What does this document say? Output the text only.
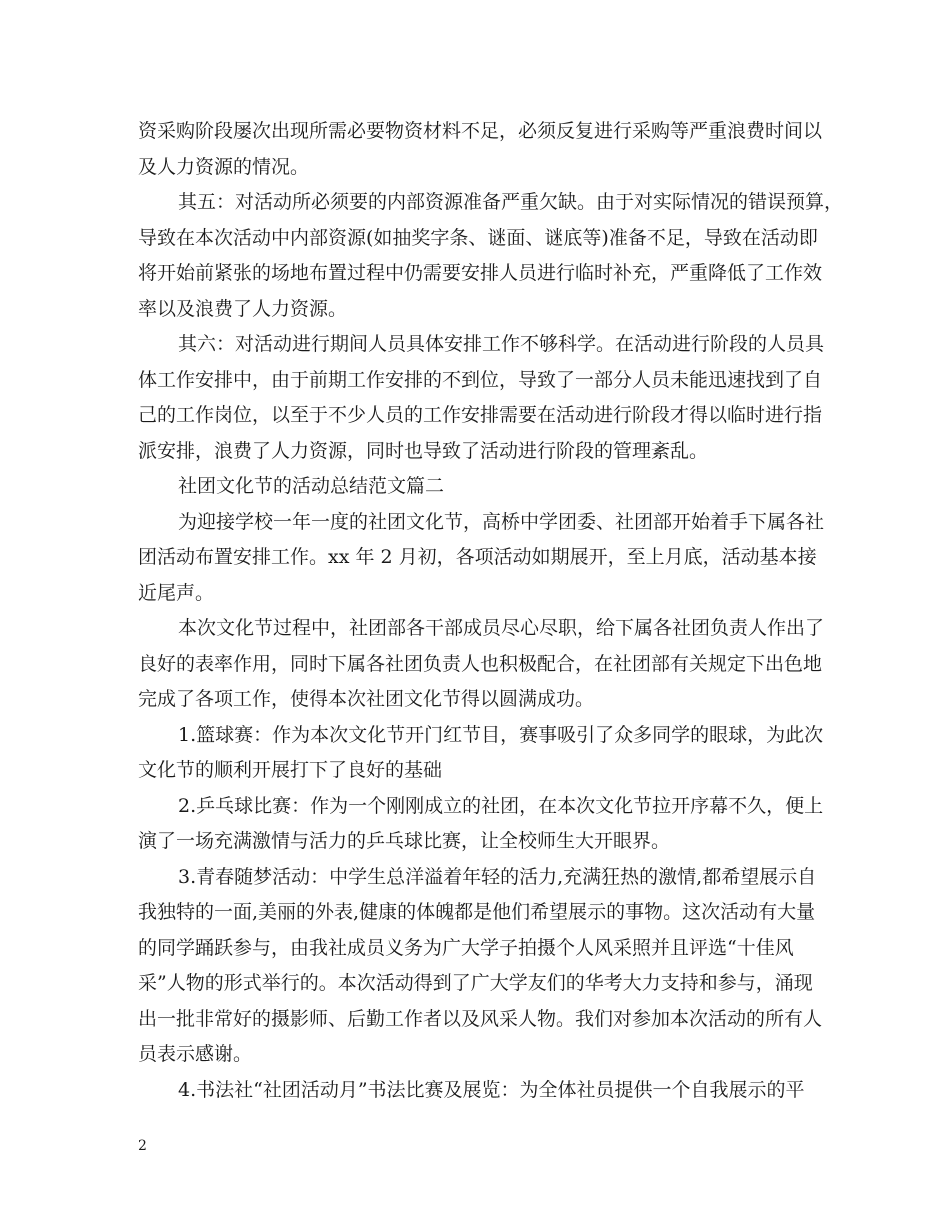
资采购阶段屡次出现所需必要物资材料不足，必须反复进行采购等严重浪费时间以
及人力资源的情况。
其五：对活动所必须要的内部资源准备严重欠缺。由于对实际情况的错误预算，
导致在本次活动中内部资源(如抽奖字条、谜面、谜底等)准备不足，导致在活动即
将开始前紧张的场地布置过程中仍需要安排人员进行临时补充，严重降低了工作效
率以及浪费了人力资源。
其六：对活动进行期间人员具体安排工作不够科学。在活动进行阶段的人员具
体工作安排中，由于前期工作安排的不到位，导致了一部分人员未能迅速找到了自
己的工作岗位，以至于不少人员的工作安排需要在活动进行阶段才得以临时进行指
派安排，浪费了人力资源，同时也导致了活动进行阶段的管理紊乱。
社团文化节的活动总结范文篇二
为迎接学校一年一度的社团文化节，高桥中学团委、社团部开始着手下属各社
团活动布置安排工作。xx 年 2 月初，各项活动如期展开，至上月底，活动基本接
近尾声。
本次文化节过程中，社团部各干部成员尽心尽职，给下属各社团负责人作出了
良好的表率作用，同时下属各社团负责人也积极配合，在社团部有关规定下出色地
完成了各项工作，使得本次社团文化节得以圆满成功。
1.篮球赛：作为本次文化节开门红节目，赛事吸引了众多同学的眼球，为此次
文化节的顺利开展打下了良好的基础
2.乒乓球比赛：作为一个刚刚成立的社团，在本次文化节拉开序幕不久，便上
演了一场充满激情与活力的乒乓球比赛，让全校师生大开眼界。
3.青春随梦活动：中学生总洋溢着年轻的活力,充满狂热的激情,都希望展示自
我独特的一面,美丽的外表,健康的体魄都是他们希望展示的事物。这次活动有大量
的同学踊跃参与，由我社成员义务为广大学子拍摄个人风采照并且评选“十佳风
采”人物的形式举行的。本次活动得到了广大学友们的华考大力支持和参与，涌现
出一批非常好的摄影师、后勤工作者以及风采人物。我们对参加本次活动的所有人
员表示感谢。
4.书法社“社团活动月”书法比赛及展览：为全体社员提供一个自我展示的平
2
